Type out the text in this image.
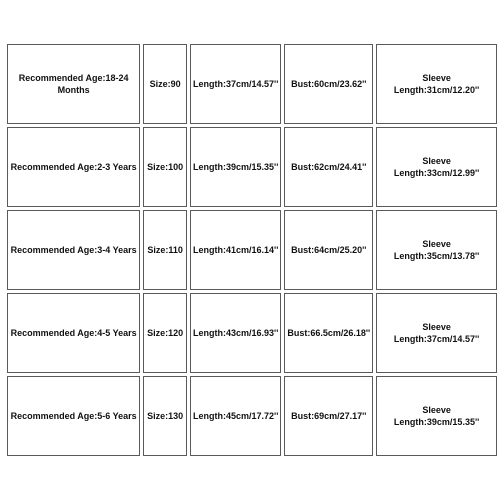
Recommended Age:18-24 Months	Size:90	Length:37cm/14.57''	Bust:60cm/23.62''	Sleeve Length:31cm/12.20''
Recommended Age:2-3 Years	Size:100	Length:39cm/15.35''	Bust:62cm/24.41''	Sleeve Length:33cm/12.99''
Recommended Age:3-4 Years	Size:110	Length:41cm/16.14''	Bust:64cm/25.20''	Sleeve Length:35cm/13.78''
Recommended Age:4-5 Years	Size:120	Length:43cm/16.93''	Bust:66.5cm/26.18''	Sleeve Length:37cm/14.57''
Recommended Age:5-6 Years	Size:130	Length:45cm/17.72''	Bust:69cm/27.17''	Sleeve Length:39cm/15.35''
